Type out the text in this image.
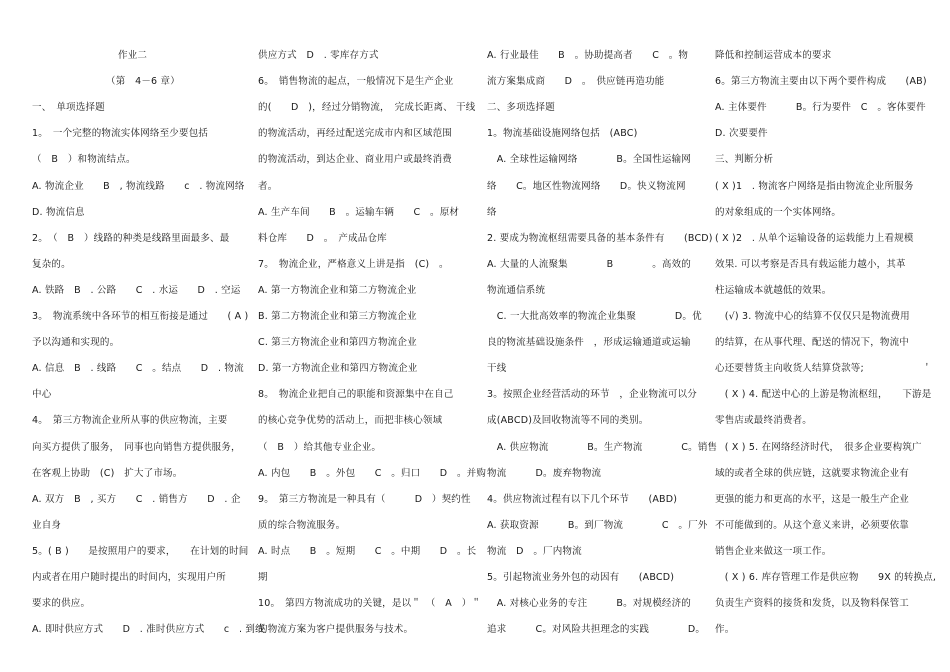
作业二
（第　4－6 章）
一、　单项选择题
1。　一个完整的物流实体网络至少要包括
（　B　）和物流结点。
A. 物流企业　　B　, 物流线路　　c　. 物流网络
D. 物流信息
2。　（　B　）线路的种类是线路里面最多、最
复杂的。
A. 铁路　B　. 公路　　C　. 水运　　D　. 空运
3。　物流系统中各环节的相互衔接是通过　　( A )
予以沟通和实现的。
A. 信息　B　. 线路　　C　。结点　　D　. 物流
中心
4。　第三方物流企业所从事的供应物流，主要
向买方提供了服务，　同事也向销售方提供服务，
在客观上协助　(C)　扩大了市场。
A. 双方　B　, 买方　　C　. 销售方　　D　. 企
业自身
5。( B )　　是按照用户的要求，　　在计划的时间
内或者在用户随时提出的时间内，实现用户所
要求的供应。
A. 即时供应方式　　D　. 准时供应方式　　c　. 到线
供应方式　D　. 零库存方式
6。　销售物流的起点，一般情况下是生产企业
的(　　D　)，经过分销物流，　完成长距离、 干线
的物流活动，再经过配送完成市内和区域范围
的物流活动，到达企业、商业用户或最终消费
者。
A. 生产车间　　B　。运输车辆　　C　。原材
料仓库　　D　。　产成品仓库
7。　物流企业，严格意义上讲是指　(C)　。
A. 第一方物流企业和第二方物流企业
B. 第二方物流企业和第三方物流企业
C. 第三方物流企业和第四方物流企业
D. 第一方物流企业和第四方物流企业
8。　物流企业把自己的职能和资源集中在自己
的核心竞争优势的活动上，而把非核心领域
（　B　）给其他专业企业。
A. 内包　　B　。外包　　C　。归口　　D　。并购
9。　第三方物流是一种具有（　　　D　）契约性
质的综合物流服务。
A. 时点　　B　。短期　　C　。中期　　D　。长
期
10。　第四方物流成功的关键，是以＂　（　A　）＂
的物流方案为客户提供服务与技术。
A. 行业最佳　　B　。协助提高者　　C　。物
流方案集成商　　D　。　供应链再造功能
二、多项选择题
1。物流基础设施网络包括　(ABC)
　A. 全球性运输网络　　　　B。全国性运输网
络　　C。地区性物流网络　　D。快义物流网
络
2. 要成为物流枢纽需要具备的基本条件有　　(BCD)
A. 大量的人流聚集　　　　B　　　　。高效的
物流通信系统
　C. 一大批高效率的物流企业集聚　　　　D。优
良的物流基础设施条件　，形成运输通道或运输
干线
3。按照企业经营活动的环节　，企业物流可以分
成(ABCD)及回收物流等不同的类别。
　A. 供应物流　　　　B。生产物流　　　　C。销售
物流　　　D。废弃物物流
4。供应物流过程有以下几个环节　　(ABD)
A. 获取资源　　　B。到厂物流　　　　C　。厂外
物流　D　。厂内物流
5。引起物流业务外包的动因有　　(ABCD)
　A. 对核心业务的专注　　　B。对规模经济的
追求　　　C。对风险共担理念的实践　　　　D。
降低和控制运营成本的要求
6。第三方物流主要由以下两个要件构成　　(AB)
A. 主体要件　　　B。行为要件　C　。客体要件
D. 次要要件
三、判断分析
( X )1　. 物流客户网络是指由物流企业所服务
的对象组成的一个实体网络。
( X )2　. 从单个运输设备的运载能力上看规模
效果. 可以考察是否具有载运能力越小，其革
柱运输成本就越低的效果。
　(√) 3. 物流中心的结算不仅仅只是物流费用
的结算，在从事代理、配送的情况下，物流中
心还要替货主向收货人结算贷款等;　　　　　　＇
　( X ) 4. 配送中心的上游是物流枢纽，　　下游是
零售店或最终消费者。
　( X ) 5. 在网络经济时代，　很多企业要构筑广
域的或者全球的供应链，这就要求物流企业有
更强的能力和更高的水平，这是一般生产企业
不可能做到的。从这个意义来讲，必须要依靠
销售企业来做这一项工作。
　( X ) 6. 库存管理工作是供应物　　9X 的转换点,
负责生产资料的接货和发货，以及物料保管工
作。
